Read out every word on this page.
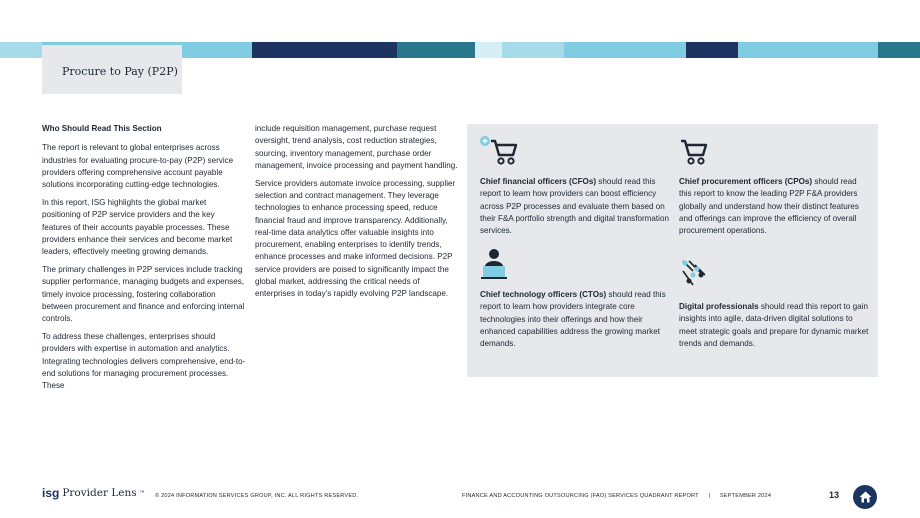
Procure to Pay (P2P)
Who Should Read This Section

The report is relevant to global enterprises across industries for evaluating procure-to-pay (P2P) service providers offering comprehensive account payable solutions incorporating cutting-edge technologies.

In this report, ISG highlights the global market positioning of P2P service providers and the key features of their accounts payable processes. These providers enhance their services and become market leaders, effectively meeting growing demands.

The primary challenges in P2P services include tracking supplier performance, managing budgets and expenses, timely invoice processing, fostering collaboration between procurement and finance and enforcing internal controls.

To address these challenges, enterprises should providers with expertise in automation and analytics. Integrating technologies delivers comprehensive, end-to-end solutions for managing procurement processes. These

include requisition management, purchase request oversight, trend analysis, cost reduction strategies, sourcing, inventory management, purchase order management, invoice processing and payment handling.

Service providers automate invoice processing, supplier selection and contract management. They leverage technologies to enhance processing speed, reduce financial fraud and improve transparency. Additionally, real-time data analytics offer valuable insights into procurement, enabling enterprises to identify trends, enhance processes and make informed decisions. P2P service providers are poised to significantly impact the global market, addressing the critical needs of enterprises in today’s rapidly evolving P2P landscape.

Chief financial officers (CFOs) should read this report to learn how providers can boost efficiency across P2P processes and evaluate them based on their F&A portfolio strength and digital transformation services.
Chief procurement officers (CPOs) should read this report to know the leading P2P F&A providers globally and understand how their distinct features and offerings can improve the efficiency of overall procurement operations.
Chief technology officers (CTOs) should read this report to learn how providers integrate core technologies into their offerings and how their enhanced capabilities address the growing market demands.
Digital professionals should read this report to gain insights into agile, data-driven digital solutions to meet strategic goals and prepare for dynamic market trends and demands.
isg Provider Lens ™ © 2024 INFORMATION SERVICES GROUP, INC. ALL RIGHTS RESERVED.	FINANCE AND ACCOUNTING OUTSOURCING (FAO) SERVICES QUADRANT REPORT | SEPTEMBER 2024	13
